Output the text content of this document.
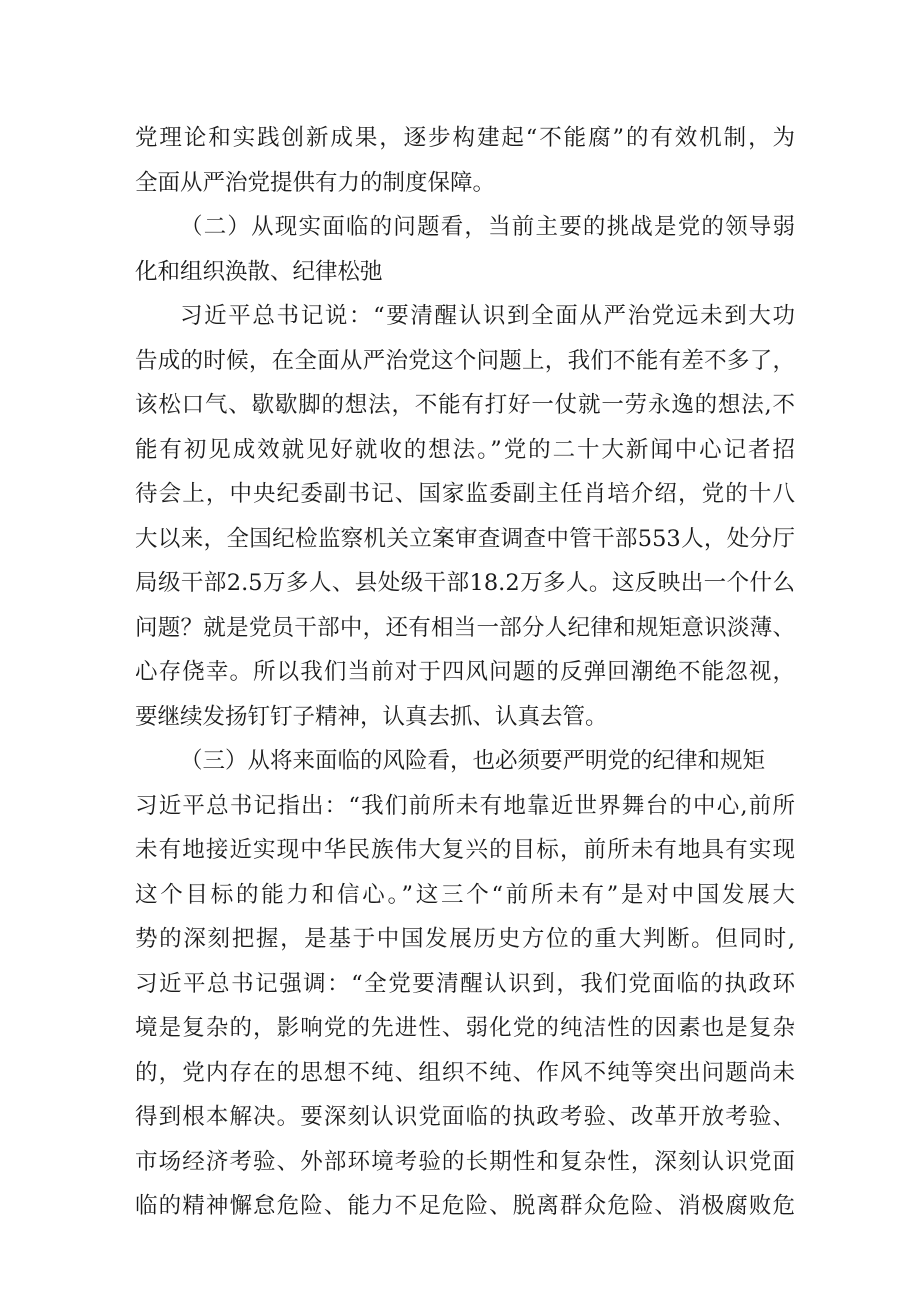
党理论和实践创新成果，逐步构建起“不能腐”的有效机制，为
全面从严治党提供有力的制度保障。
（二）从现实面临的问题看，当前主要的挑战是党的领导弱
化和组织涣散、纪律松弛
习近平总书记说：“要清醒认识到全面从严治党远未到大功
告成的时候，在全面从严治党这个问题上，我们不能有差不多了，
该松口气、歇歇脚的想法，不能有打好一仗就一劳永逸的想法,不
能有初见成效就见好就收的想法。”党的二十大新闻中心记者招
待会上，中央纪委副书记、国家监委副主任肖培介绍，党的十八
大以来，全国纪检监察机关立案审查调查中管干部553人，处分厅
局级干部2.5万多人、县处级干部18.2万多人。这反映出一个什么
问题？就是党员干部中，还有相当一部分人纪律和规矩意识淡薄、
心存侥幸。所以我们当前对于四风问题的反弹回潮绝不能忽视，
要继续发扬钉钉子精神，认真去抓、认真去管。
（三）从将来面临的风险看，也必须要严明党的纪律和规矩
习近平总书记指出：“我们前所未有地靠近世界舞台的中心,前所
未有地接近实现中华民族伟大复兴的目标，前所未有地具有实现
这个目标的能力和信心。”这三个“前所未有”是对中国发展大
势的深刻把握，是基于中国发展历史方位的重大判断。但同时,
习近平总书记强调：“全党要清醒认识到，我们党面临的执政环
境是复杂的，影响党的先进性、弱化党的纯洁性的因素也是复杂
的，党内存在的思想不纯、组织不纯、作风不纯等突出问题尚未
得到根本解决。要深刻认识党面临的执政考验、改革开放考验、
市场经济考验、外部环境考验的长期性和复杂性，深刻认识党面
临的精神懈怠危险、能力不足危险、脱离群众危险、消极腐败危
